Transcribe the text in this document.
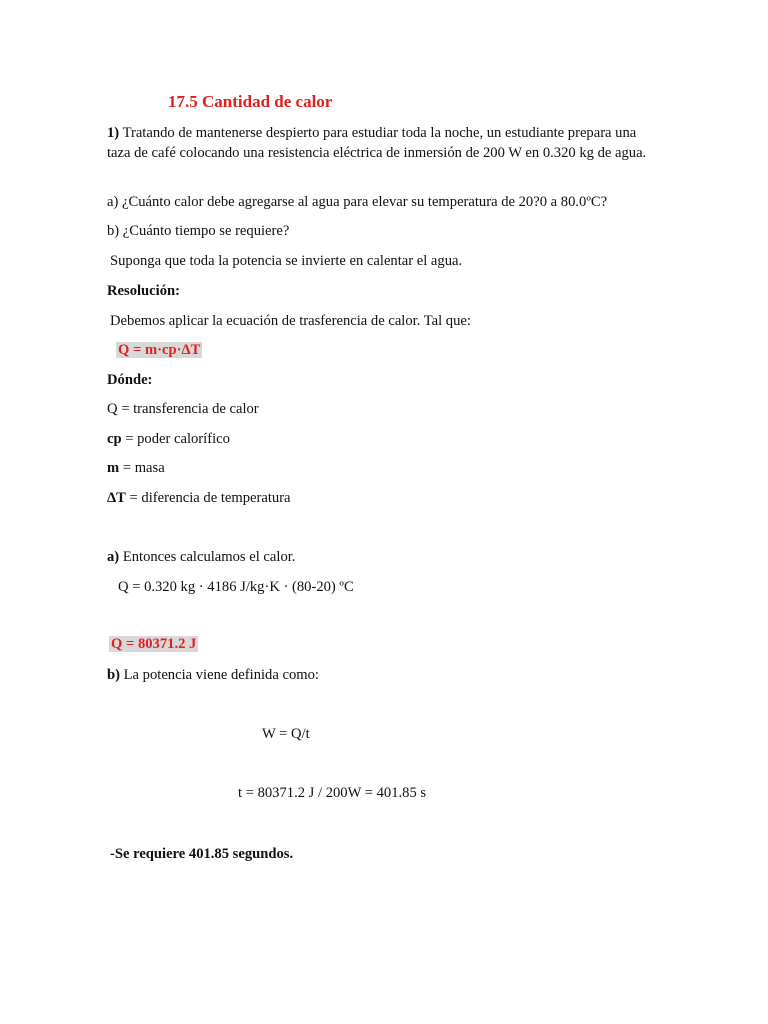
17.5 Cantidad de calor
1) Tratando de mantenerse despierto para estudiar toda la noche, un estudiante prepara una taza de café colocando una resistencia eléctrica de inmersión de 200 W en 0.320 kg de agua.
a) ¿Cuánto calor debe agregarse al agua para elevar su temperatura de 20?0 a 80.0ºC?
b) ¿Cuánto tiempo se requiere?
Suponga que toda la potencia se invierte en calentar el agua.
Resolución:
Debemos aplicar la ecuación de trasferencia de calor. Tal que:
Q = m·cp·ΔT
Dónde:
Q = transferencia de calor
cp = poder calorífico
m = masa
ΔT = diferencia de temperatura
a) Entonces calculamos el calor.
Q = 0.320 kg · 4186 J/kg·K · (80-20) ºC
Q = 80371.2 J
b) La potencia viene definida como:
W = Q/t
t = 80371.2 J / 200W = 401.85 s
-Se requiere 401.85 segundos.
